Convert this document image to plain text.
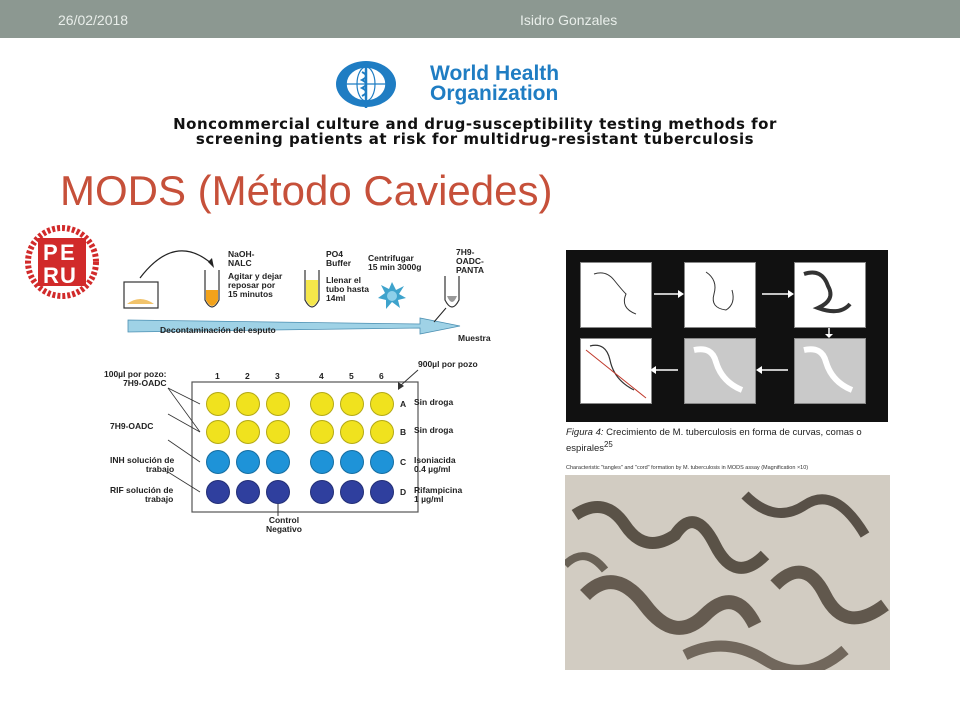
26/02/2018	Isidro Gonzales
World Health
Organization
Noncommercial culture and drug-susceptibility testing methods for screening patients at risk for multidrug-resistant tuberculosis
MODS (Método Caviedes)
P E
R U
NaOH-
NALC
Agitar y dejar
reposar por
15 minutos
PO4
Buffer
Llenar el
tubo hasta
14ml
Centrifugar
15 min 3000g
7H9-
OADC-
PANTA
Muestra
Decontaminación del esputo
900µl por pozo
100µl por pozo:
7H9-OADC
Control
Negativo
1	2	3	4	5	6
A Sin droga
7H9-OADC
B Sin droga
INH solución de
trabajo
C Isoniacida
0.4 µg/ml
RIF solución de
trabajo
D Rifampicina
1 µg/ml
Figura 4: Crecimiento de M. tuberculosis en forma de curvas, comas o espirales$^{25}$
Characteristic "tangles" and "cord" formation by M. tuberculosis in MODS assay (Magnification ×10)
